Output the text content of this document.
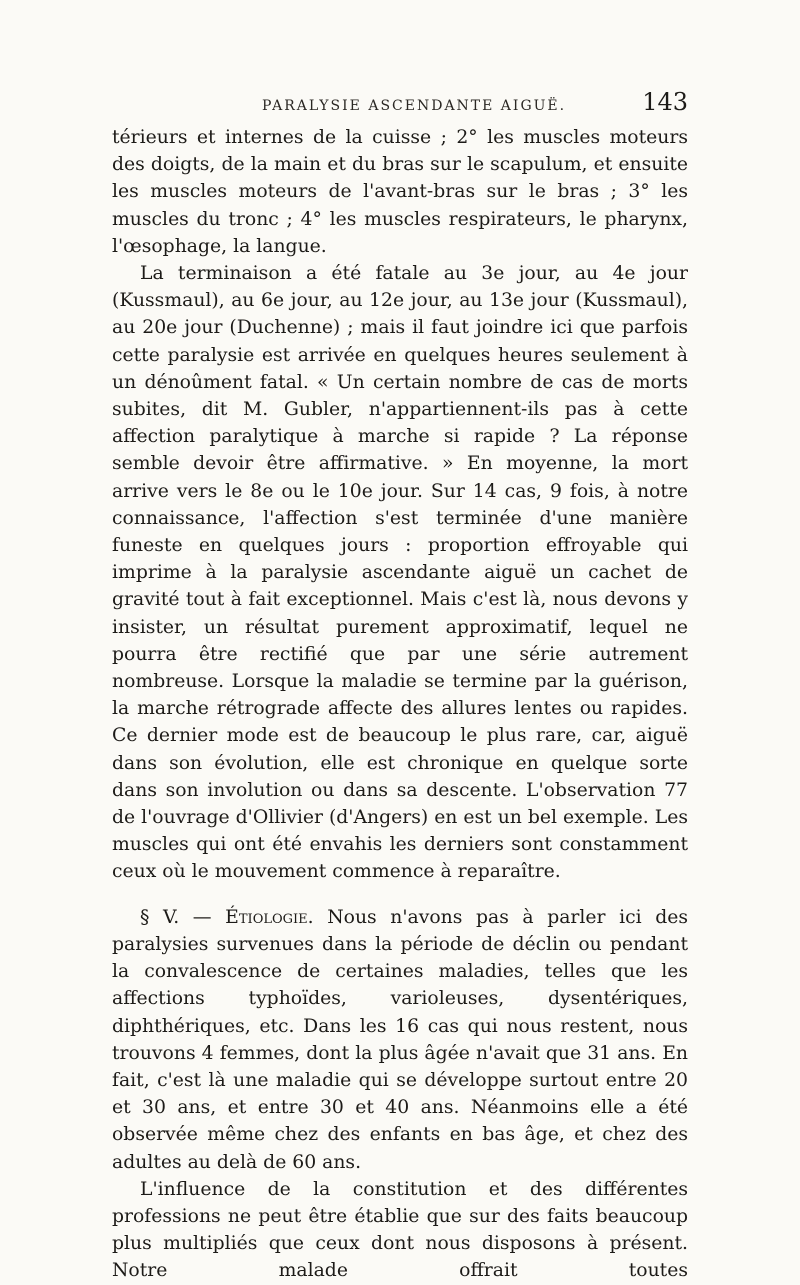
PARALYSIE ASCENDANTE AIGUË.	143

térieurs et internes de la cuisse ; 2° les muscles moteurs des doigts, de la main et du bras sur le scapulum, et ensuite les muscles moteurs de l'avant-bras sur le bras ; 3° les muscles du tronc ; 4° les muscles respirateurs, le pharynx, l'œsophage, la langue.

La terminaison a été fatale au 3e jour, au 4e jour (Kussmaul), au 6e jour, au 12e jour, au 13e jour (Kussmaul), au 20e jour (Duchenne) ; mais il faut joindre ici que parfois cette paralysie est arrivée en quelques heures seulement à un dénoûment fatal. « Un certain nombre de cas de morts subites, dit M. Gubler, n'appartiennent-ils pas à cette affection paralytique à marche si rapide ? La réponse semble devoir être affirmative. » En moyenne, la mort arrive vers le 8e ou le 10e jour. Sur 14 cas, 9 fois, à notre connaissance, l'affection s'est terminée d'une manière funeste en quelques jours : proportion effroyable qui imprime à la paralysie ascendante aiguë un cachet de gravité tout à fait exceptionnel. Mais c'est là, nous devons y insister, un résultat purement approximatif, lequel ne pourra être rectifié que par une série autrement nombreuse. Lorsque la maladie se termine par la guérison, la marche rétrograde affecte des allures lentes ou rapides. Ce dernier mode est de beaucoup le plus rare, car, aiguë dans son évolution, elle est chronique en quelque sorte dans son involution ou dans sa descente. L'observation 77 de l'ouvrage d'Ollivier (d'Angers) en est un bel exemple. Les muscles qui ont été envahis les derniers sont constamment ceux où le mouvement commence à reparaître.

§ V. — Étiologie. Nous n'avons pas à parler ici des paralysies survenues dans la période de déclin ou pendant la convalescence de certaines maladies, telles que les affections typhoïdes, varioleuses, dysentériques, diphthériques, etc. Dans les 16 cas qui nous restent, nous trouvons 4 femmes, dont la plus âgée n'avait que 31 ans. En fait, c'est là une maladie qui se développe surtout entre 20 et 30 ans, et entre 30 et 40 ans. Néanmoins elle a été observée même chez des enfants en bas âge, et chez des adultes au delà de 60 ans.

L'influence de la constitution et des différentes professions ne peut être établie que sur des faits beaucoup plus multipliés que ceux dont nous disposons à présent. Notre malade offrait toutes
